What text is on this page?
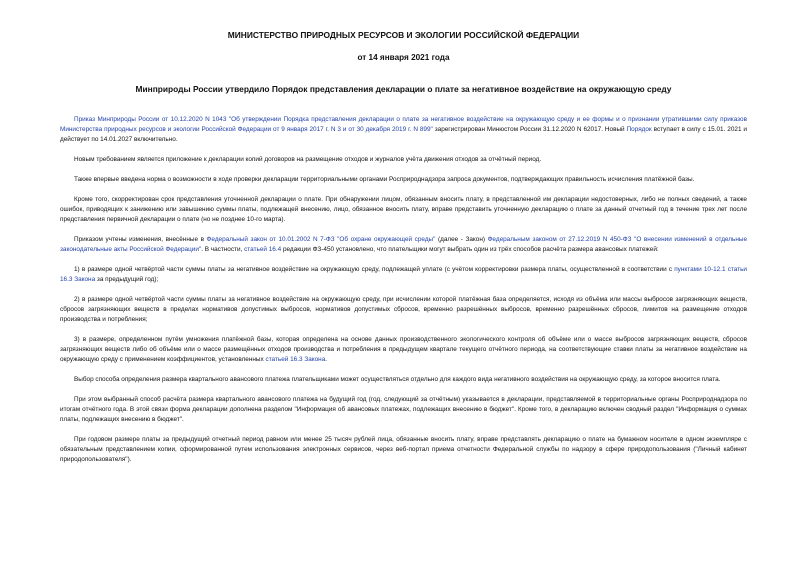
МИНИСТЕРСТВО ПРИРОДНЫХ РЕСУРСОВ И ЭКОЛОГИИ РОССИЙСКОЙ ФЕДЕРАЦИИ
от 14 января 2021 года
Минприроды России утвердило Порядок представления декларации о плате за негативное воздействие на окружающую среду

Приказ Минприроды России от 10.12.2020 N 1043 "Об утверждении Порядка представления декларации о плате за негативное воздействие на окружающую среду и ее формы и о признании утратившими силу приказов Министерства природных ресурсов и экологии Российской Федерации от 9 января 2017 г. N 3 и от 30 декабря 2019 г. N 899" зарегистрирован Минюстом России 31.12.2020 N 62017. Новый Порядок вступает в силу с 15.01. 2021 и действует по 14.01.2027 включительно.

Новым требованием является приложение к декларации копий договоров на размещение отходов и журналов учёта движения отходов за отчётный период.

Также впервые введена норма о возможности в ходе проверки декларации территориальными органами Росприроднадзора запроса документов, подтверждающих правильность исчисления платёжной базы.

Кроме того, скорректирован срок представления уточненной декларации о плате. При обнаружении лицом, обязанным вносить плату, в представленной им декларации недостоверных, либо не полных сведений, а также ошибок, приводящих к занижению или завышению суммы платы, подлежащей внесению, лицо, обязанное вносить плату, вправе представить уточненную декларацию о плате за данный отчетный год в течение трех лет после представления первичной декларации о плате (но не позднее 10-го марта).

Приказом учтены изменения, внесённые в Федеральный закон от 10.01.2002 N 7-ФЗ "Об охране окружающей среды" (далее - Закон) Федеральным законом от 27.12.2019 N 450-ФЗ "О внесении изменений в отдельные законодательные акты Российской Федерации". В частности, статьей 16.4 редакции ФЗ-450 установлено, что плательщики могут выбрать один из трёх способов расчёта размера авансовых платежей:

1) в размере одной четвёртой части суммы платы за негативное воздействие на окружающую среду, подлежащей уплате (с учётом корректировки размера платы, осуществленной в соответствии с пунктами 10-12.1 статьи 16.3 Закона за предыдущий год);

2) в размере одной четвёртой части суммы платы за негативное воздействие на окружающую среду, при исчислении которой платёжная база определяется, исходя из объёма или массы выбросов загрязняющих веществ, сбросов загрязняющих веществ в пределах нормативов допустимых выбросов, нормативов допустимых сбросов, временно разрешённых выбросов, временно разрешённых сбросов, лимитов на размещение отходов производства и потребления;

3) в размере, определенном путём умножения платёжной базы, которая определена на основе данных производственного экологического контроля об объёме или о массе выбросов загрязняющих веществ, сбросов загрязняющих веществ либо об объёме или о массе размещённых отходов производства и потребления в предыдущем квартале текущего отчётного периода, на соответствующие ставки платы за негативное воздействие на окружающую среду с применением коэффициентов, установленных статьей 16.3 Закона.

Выбор способа определения размера квартального авансового платежа плательщиками может осуществляться отдельно для каждого вида негативного воздействия на окружающую среду, за которое вносится плата.

При этом выбранный способ расчёта размера квартального авансового платежа на будущий год (год, следующий за отчётным) указывается в декларации, представляемой в территориальные органы Росприроднадзора по итогам отчётного года. В этой связи форма декларации дополнена разделом "Информация об авансовых платежах, подлежащих внесению в бюджет". Кроме того, в декларацию включен сводный раздел "Информация о суммах платы, подлежащих внесению в бюджет".

При годовом размере платы за предыдущий отчетный период равном или менее 25 тысяч рублей лица, обязанные вносить плату, вправе представлять декларацию о плате на бумажном носителе в одном экземпляре с обязательным представлением копии, сформированной путем использования электронных сервисов, через веб-портал приема отчетности Федеральной службы по надзору в сфере природопользования ("Личный кабинет природопользователя").
